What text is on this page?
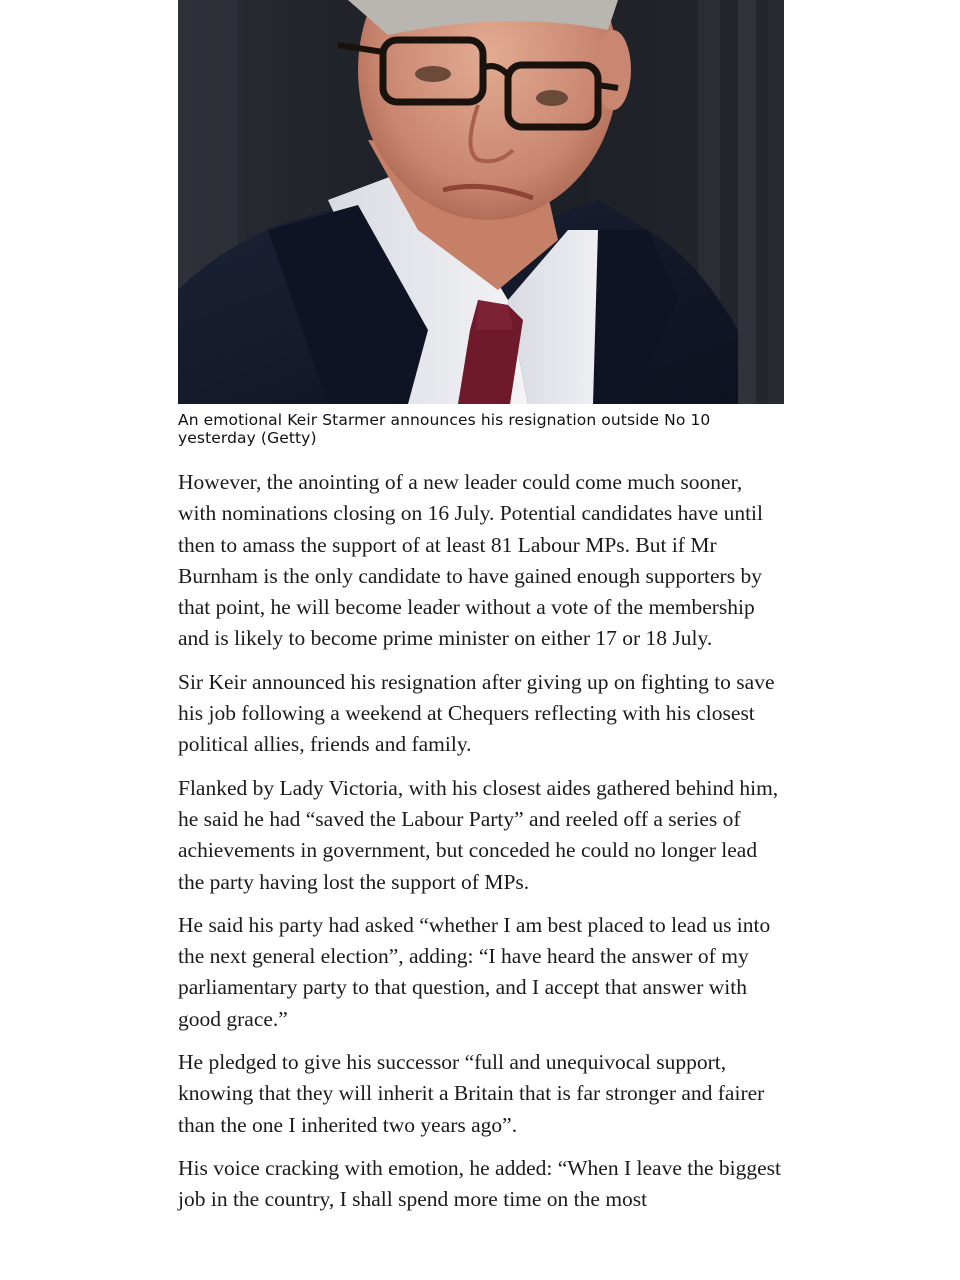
An emotional Keir Starmer announces his resignation outside No 10 yesterday (Getty)

However, the anointing of a new leader could come much sooner, with nominations closing on 16 July. Potential candidates have until then to amass the support of at least 81 Labour MPs. But if Mr Burnham is the only candidate to have gained enough supporters by that point, he will become leader without a vote of the membership and is likely to become prime minister on either 17 or 18 July.

Sir Keir announced his resignation after giving up on fighting to save his job following a weekend at Chequers reflecting with his closest political allies, friends and family.

Flanked by Lady Victoria, with his closest aides gathered behind him, he said he had “saved the Labour Party” and reeled off a series of achievements in government, but conceded he could no longer lead the party having lost the support of MPs.

He said his party had asked “whether I am best placed to lead us into the next general election”, adding: “I have heard the answer of my parliamentary party to that question, and I accept that answer with good grace.”

He pledged to give his successor “full and unequivocal support, knowing that they will inherit a Britain that is far stronger and fairer than the one I inherited two years ago”.

His voice cracking with emotion, he added: “When I leave the biggest job in the country, I shall spend more time on the most
